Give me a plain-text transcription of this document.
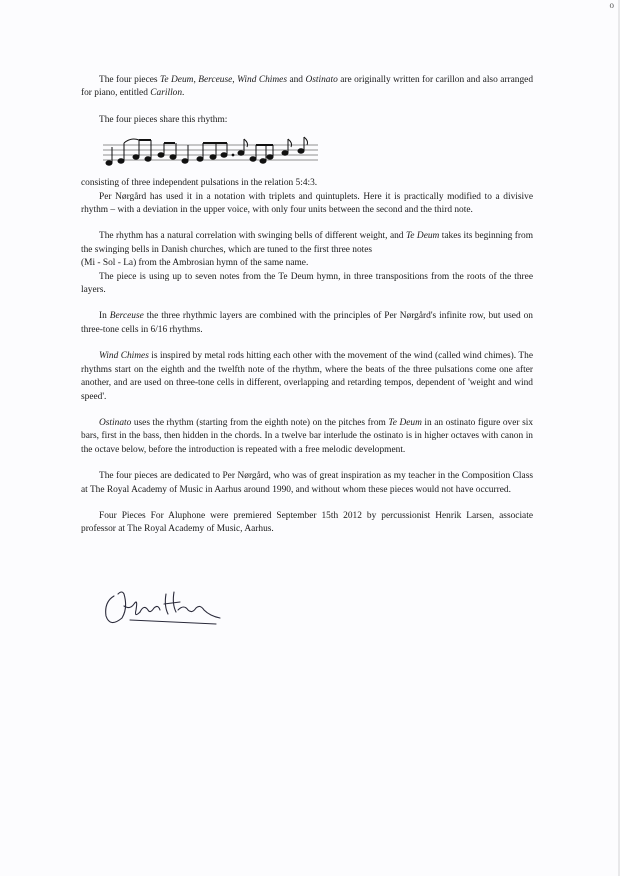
o

The four pieces Te Deum, Berceuse, Wind Chimes and Ostinato are originally written for carillon and also arranged for piano, entitled Carillon.

The four pieces share this rhythm:

consisting of three independent pulsations in the relation 5:4:3.

Per Nørgård has used it in a notation with triplets and quintuplets. Here it is practically modified to a divisive rhythm – with a deviation in the upper voice, with only four units between the second and the third note.

The rhythm has a natural correlation with swinging bells of different weight, and Te Deum takes its beginning from the swinging bells in Danish churches, which are tuned to the first three notes

(Mi - Sol - La) from the Ambrosian hymn of the same name.

The piece is using up to seven notes from the Te Deum hymn, in three transpositions from the roots of the three layers.

In Berceuse the three rhythmic layers are combined with the principles of Per Nørgård's infinite row, but used on three-tone cells in 6/16 rhythms.

Wind Chimes is inspired by metal rods hitting each other with the movement of the wind (called wind chimes). The rhythms start on the eighth and the twelfth note of the rhythm, where the beats of the three pulsations come one after another, and are used on three-tone cells in different, overlapping and retarding tempos, dependent of 'weight and wind speed'.

Ostinato uses the rhythm (starting from the eighth note) on the pitches from Te Deum in an ostinato figure over six bars, first in the bass, then hidden in the chords. In a twelve bar interlude the ostinato is in higher octaves with canon in the octave below, before the introduction is repeated with a free melodic development.

The four pieces are dedicated to Per Nørgård, who was of great inspiration as my teacher in the Composition Class at The Royal Academy of Music in Aarhus around 1990, and without whom these pieces would not have occurred.

Four Pieces For Aluphone were premiered September 15th 2012 by percussionist Henrik Larsen, associate professor at The Royal Academy of Music, Aarhus.
